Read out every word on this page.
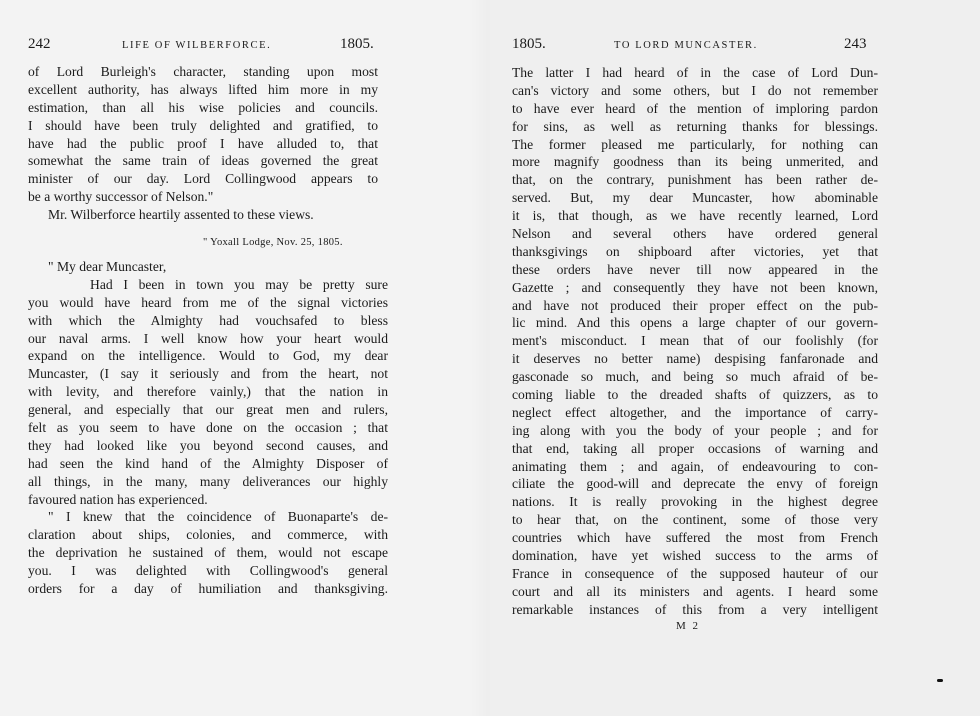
242	LIFE OF WILBERFORCE.	1805.
of Lord Burleigh's character, standing upon most
excellent authority, has always lifted him more in my
estimation, than all his wise policies and councils.
I should have been truly delighted and gratified, to
have had the public proof I have alluded to, that
somewhat the same train of ideas governed the great
minister of our day. Lord Collingwood appears to
be a worthy successor of Nelson."
Mr. Wilberforce heartily assented to these views.
" Yoxall Lodge, Nov. 25, 1805.
" My dear Muncaster,
Had I been in town you may be pretty sure
you would have heard from me of the signal victories
with which the Almighty had vouchsafed to bless
our naval arms. I well know how your heart would
expand on the intelligence. Would to God, my dear
Muncaster, (I say it seriously and from the heart, not
with levity, and therefore vainly,) that the nation in
general, and especially that our great men and rulers,
felt as you seem to have done on the occasion ; that
they had looked like you beyond second causes, and
had seen the kind hand of the Almighty Disposer of
all things, in the many, many deliverances our highly
favoured nation has experienced.
" I knew that the coincidence of Buonaparte's de-
claration about ships, colonies, and commerce, with
the deprivation he sustained of them, would not escape
you. I was delighted with Collingwood's general
orders for a day of humiliation and thanksgiving.
1805.	TO LORD MUNCASTER.	243
The latter I had heard of in the case of Lord Dun-
can's victory and some others, but I do not remember
to have ever heard of the mention of imploring pardon
for sins, as well as returning thanks for blessings.
The former pleased me particularly, for nothing can
more magnify goodness than its being unmerited, and
that, on the contrary, punishment has been rather de-
served. But, my dear Muncaster, how abominable
it is, that though, as we have recently learned, Lord
Nelson and several others have ordered general
thanksgivings on shipboard after victories, yet that
these orders have never till now appeared in the
Gazette ; and consequently they have not been known,
and have not produced their proper effect on the pub-
lic mind. And this opens a large chapter of our govern-
ment's misconduct. I mean that of our foolishly (for
it deserves no better name) despising fanfaronade and
gasconade so much, and being so much afraid of be-
coming liable to the dreaded shafts of quizzers, as to
neglect effect altogether, and the importance of carry-
ing along with you the body of your people ; and for
that end, taking all proper occasions of warning and
animating them ; and again, of endeavouring to con-
ciliate the good-will and deprecate the envy of foreign
nations. It is really provoking in the highest degree
to hear that, on the continent, some of those very
countries which have suffered the most from French
domination, have yet wished success to the arms of
France in consequence of the supposed hauteur of our
court and all its ministers and agents. I heard some
remarkable instances of this from a very intelligent
M 2
